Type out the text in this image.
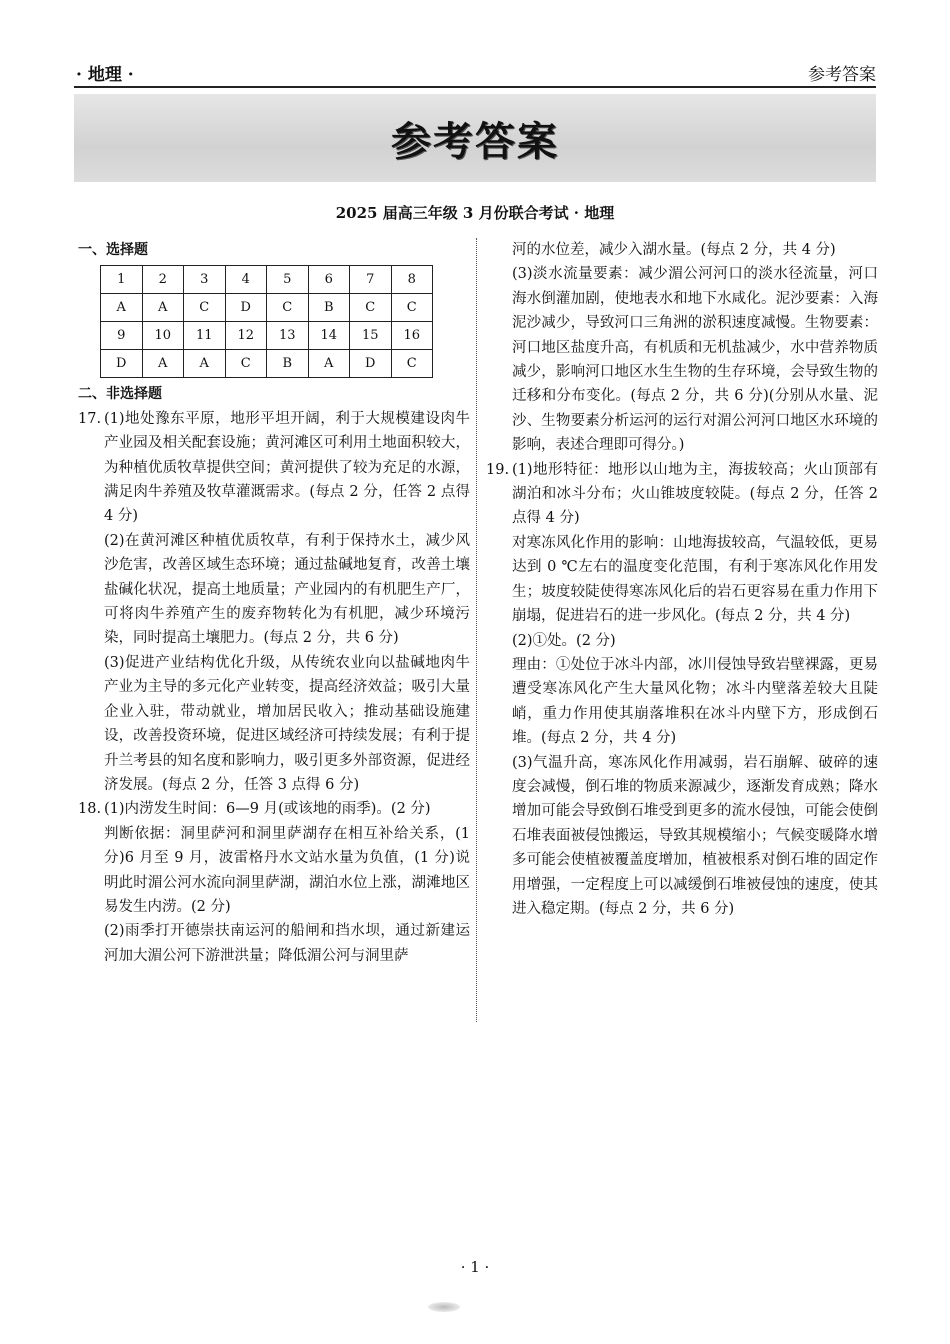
· 地理 ·	参考答案
参考答案
2025 届高三年级 3 月份联合考试 · 地理
一、选择题
1	2	3	4	5	6	7	8
A	A	C	D	C	B	C	C
9	10	11	12	13	14	15	16
D	A	A	C	B	A	D	C
二、非选择题
17. (1)地处豫东平原，地形平坦开阔，利于大规模建设肉牛产业园及相关配套设施；黄河滩区可利用土地面积较大，为种植优质牧草提供空间；黄河提供了较为充足的水源，满足肉牛养殖及牧草灌溉需求。(每点 2 分，任答 2 点得 4 分)

(2)在黄河滩区种植优质牧草，有利于保持水土，减少风沙危害，改善区域生态环境；通过盐碱地复育，改善土壤盐碱化状况，提高土地质量；产业园内的有机肥生产厂，可将肉牛养殖产生的废弃物转化为有机肥，减少环境污染，同时提高土壤肥力。(每点 2 分，共 6 分)

(3)促进产业结构优化升级，从传统农业向以盐碱地肉牛产业为主导的多元化产业转变，提高经济效益；吸引大量企业入驻，带动就业，增加居民收入；推动基础设施建设，改善投资环境，促进区域经济可持续发展；有利于提升兰考县的知名度和影响力，吸引更多外部资源，促进经济发展。(每点 2 分，任答 3 点得 6 分)

18. (1)内涝发生时间：6—9 月(或该地的雨季)。(2 分)

判断依据：洞里萨河和洞里萨湖存在相互补给关系，(1 分)6 月至 9 月，波雷格丹水文站水量为负值，(1 分)说明此时湄公河水流向洞里萨湖，湖泊水位上涨，湖滩地区易发生内涝。(2 分)

(2)雨季打开德崇扶南运河的船闸和挡水坝，通过新建运河加大湄公河下游泄洪量；降低湄公河与洞里萨

河的水位差，减少入湖水量。(每点 2 分，共 4 分)

(3)淡水流量要素：减少湄公河河口的淡水径流量，河口海水倒灌加剧，使地表水和地下水咸化。泥沙要素：入海泥沙减少，导致河口三角洲的淤积速度减慢。生物要素：河口地区盐度升高，有机质和无机盐减少，水中营养物质减少，影响河口地区水生生物的生存环境，会导致生物的迁移和分布变化。(每点 2 分，共 6 分)(分别从水量、泥沙、生物要素分析运河的运行对湄公河河口地区水环境的影响，表述合理即可得分。)

19. (1)地形特征：地形以山地为主，海拔较高；火山顶部有湖泊和冰斗分布；火山锥坡度较陡。(每点 2 分，任答 2 点得 4 分)

对寒冻风化作用的影响：山地海拔较高，气温较低，更易达到 0 ℃左右的温度变化范围，有利于寒冻风化作用发生；坡度较陡使得寒冻风化后的岩石更容易在重力作用下崩塌，促进岩石的进一步风化。(每点 2 分，共 4 分)

(2)①处。(2 分)

理由：①处位于冰斗内部，冰川侵蚀导致岩壁裸露，更易遭受寒冻风化产生大量风化物；冰斗内壁落差较大且陡峭，重力作用使其崩落堆积在冰斗内壁下方，形成倒石堆。(每点 2 分，共 4 分)

(3)气温升高，寒冻风化作用减弱，岩石崩解、破碎的速度会减慢，倒石堆的物质来源减少，逐渐发育成熟；降水增加可能会导致倒石堆受到更多的流水侵蚀，可能会使倒石堆表面被侵蚀搬运，导致其规模缩小；气候变暖降水增多可能会使植被覆盖度增加，植被根系对倒石堆的固定作用增强，一定程度上可以减缓倒石堆被侵蚀的速度，使其进入稳定期。(每点 2 分，共 6 分)

· 1 ·
